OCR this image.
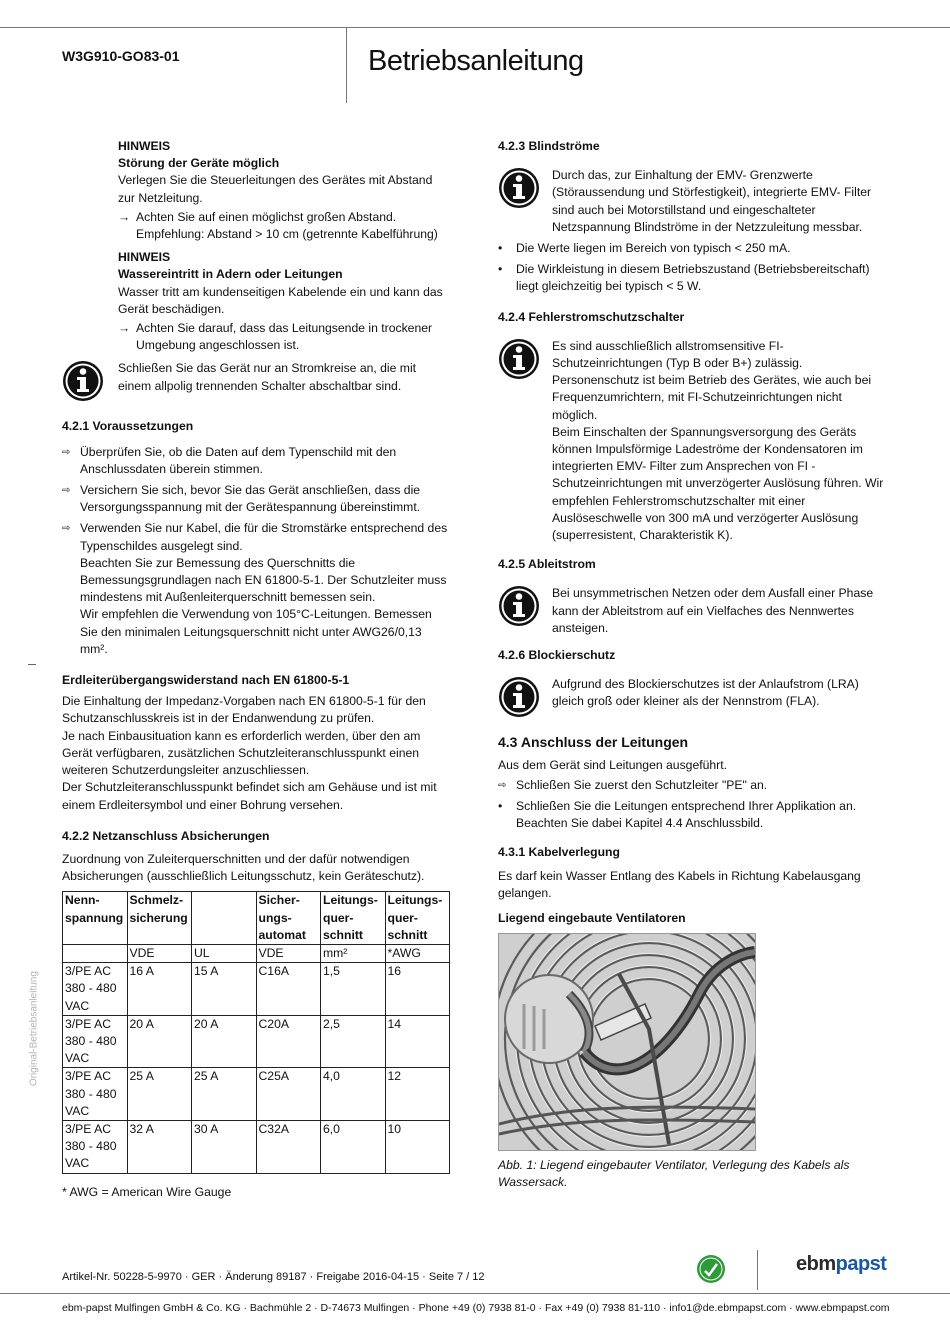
W3G910-GO83-01	Betriebsanleitung
Original-Betriebsanleitung

HINWEIS

Störung der Geräte möglich

Verlegen Sie die Steuerleitungen des Gerätes mit Abstand zur Netzleitung.

→ Achten Sie auf einen möglichst großen Abstand.

Empfehlung: Abstand > 10 cm (getrennte Kabelführung)

HINWEIS

Wassereintritt in Adern oder Leitungen

Wasser tritt am kundenseitigen Kabelende ein und kann das Gerät beschädigen.

→ Achten Sie darauf, dass das Leitungsende in trockener Umgebung angeschlossen ist.

Schließen Sie das Gerät nur an Stromkreise an, die mit einem allpolig trennenden Schalter abschaltbar sind.

4.2.1 Voraussetzungen

⇨ Überprüfen Sie, ob die Daten auf dem Typenschild mit den Anschlussdaten überein stimmen.

⇨ Versichern Sie sich, bevor Sie das Gerät anschließen, dass die Versorgungsspannung mit der Gerätespannung übereinstimmt.

⇨ Verwenden Sie nur Kabel, die für die Stromstärke entsprechend des Typenschildes ausgelegt sind.

Beachten Sie zur Bemessung des Querschnitts die Bemessungsgrundlagen nach EN 61800-5-1. Der Schutzleiter muss mindestens mit Außenleiterquerschnitt bemessen sein.

Wir empfehlen die Verwendung von 105°C-Leitungen. Bemessen Sie den minimalen Leitungsquerschnitt nicht unter AWG26/0,13 mm².

Erdleiterübergangswiderstand nach EN 61800-5-1

Die Einhaltung der Impedanz-Vorgaben nach EN 61800-5-1 für den Schutzanschlusskreis ist in der Endanwendung zu prüfen.

Je nach Einbausituation kann es erforderlich werden, über den am Gerät verfügbaren, zusätzlichen Schutzleiteranschlusspunkt einen weiteren Schutzerdungsleiter anzuschliessen.

Der Schutzleiteranschlusspunkt befindet sich am Gehäuse und ist mit einem Erdleitersymbol und einer Bohrung versehen.

4.2.2 Netzanschluss Absicherungen

Zuordnung von Zuleiterquerschnitten und der dafür notwendigen Absicherungen (ausschließlich Leitungsschutz, kein Geräteschutz).

Nenn-spannung	Schmelz-sicherung		Sicher-ungs-automat	Leitungs-quer-schnitt	Leitungs-quer-schnitt
	VDE	UL	VDE	mm²	*AWG
3/PE AC 380 - 480 VAC	16 A	15 A	C16A	1,5	16
3/PE AC 380 - 480 VAC	20 A	20 A	C20A	2,5	14
3/PE AC 380 - 480 VAC	25 A	25 A	C25A	4,0	12
3/PE AC 380 - 480 VAC	32 A	30 A	C32A	6,0	10

* AWG = American Wire Gauge

4.2.3 Blindströme

Durch das, zur Einhaltung der EMV- Grenzwerte (Störaussendung und Störfestigkeit), integrierte EMV- Filter sind auch bei Motorstillstand und eingeschalteter Netzspannung Blindströme in der Netzzuleitung messbar.

• Die Werte liegen im Bereich von typisch < 250 mA.

• Die Wirkleistung in diesem Betriebszustand (Betriebsbereitschaft) liegt gleichzeitig bei typisch < 5 W.

4.2.4 Fehlerstromschutzschalter

Es sind ausschließlich allstromsensitive FI-Schutzeinrichtungen (Typ B oder B+) zulässig. Personenschutz ist beim Betrieb des Gerätes, wie auch bei Frequenzumrichtern, mit FI-Schutzeinrichtungen nicht möglich.

Beim Einschalten der Spannungsversorgung des Geräts können Impulsförmige Ladeströme der Kondensatoren im integrierten EMV- Filter zum Ansprechen von FI - Schutzeinrichtungen mit unverzögerter Auslösung führen. Wir empfehlen Fehlerstromschutzschalter mit einer Auslöseschwelle von 300 mA und verzögerter Auslösung (superresistent, Charakteristik K).

4.2.5 Ableitstrom

Bei unsymmetrischen Netzen oder dem Ausfall einer Phase kann der Ableitstrom auf ein Vielfaches des Nennwertes ansteigen.

4.2.6 Blockierschutz

Aufgrund des Blockierschutzes ist der Anlaufstrom (LRA) gleich groß oder kleiner als der Nennstrom (FLA).

4.3 Anschluss der Leitungen

Aus dem Gerät sind Leitungen ausgeführt.

⇨ Schließen Sie zuerst den Schutzleiter "PE" an.

• Schließen Sie die Leitungen entsprechend Ihrer Applikation an. Beachten Sie dabei Kapitel 4.4 Anschlussbild.

4.3.1 Kabelverlegung

Es darf kein Wasser Entlang des Kabels in Richtung Kabelausgang gelangen.

Liegend eingebaute Ventilatoren

Abb. 1: Liegend eingebauter Ventilator, Verlegung des Kabels als Wassersack.

Artikel-Nr. 50228-5-9970 · GER · Änderung 89187 · Freigabe 2016-04-15 · Seite 7 / 12
ebmpapst
ebm-papst Mulfingen GmbH & Co. KG · Bachmühle 2 · D-74673 Mulfingen · Phone +49 (0) 7938 81-0 · Fax +49 (0) 7938 81-110 · info1@de.ebmpapst.com · www.ebmpapst.com
